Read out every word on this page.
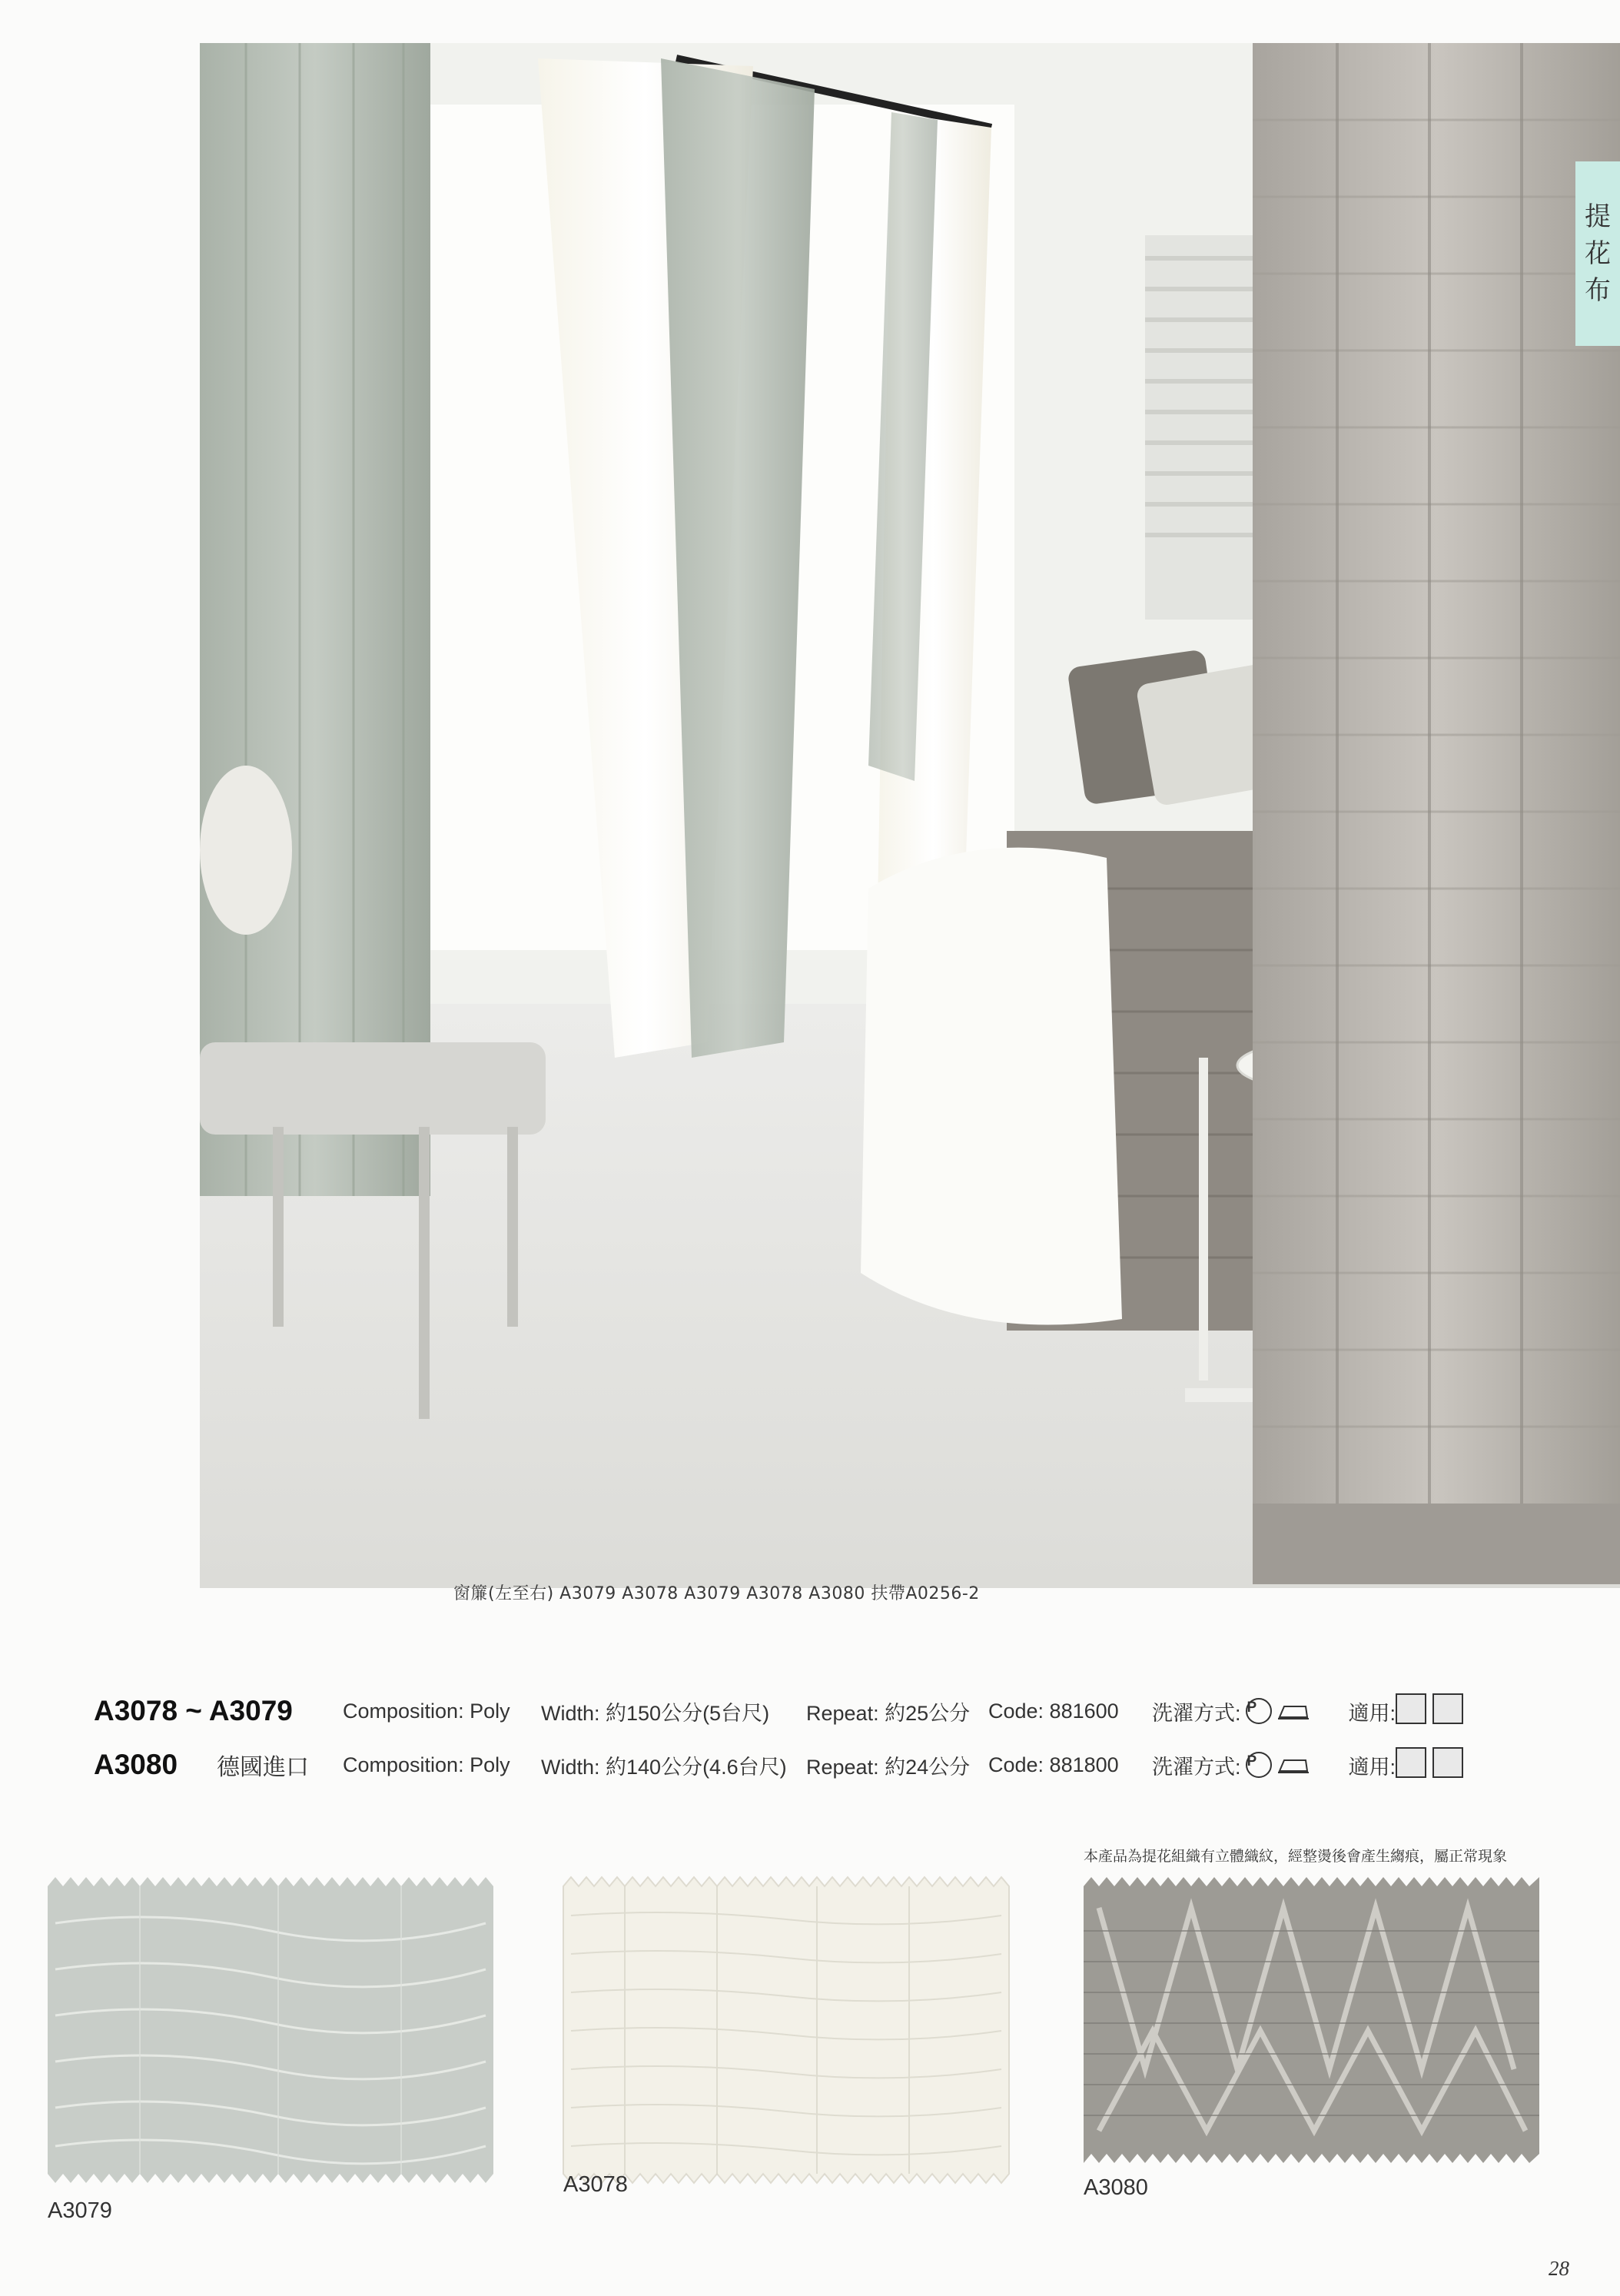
窗簾(左至右) A3079 A3078 A3079 A3078 A3080 扶帶A0256-2
提
花
布
A3078 ~ A3079	Composition: Poly	Width: 約150公分(5台尺)	Repeat: 約25公分 Code: 881600	洗濯方式: P	適用:

A3080	德國進口	Composition: Poly	Width: 約140公分(4.6台尺) Repeat: 約24公分 Code: 881800	洗濯方式: P	適用:

本產品為提花組織有立體織紋，經整燙後會產生縐痕，屬正常現象
A3079
A3078	A3080
28
